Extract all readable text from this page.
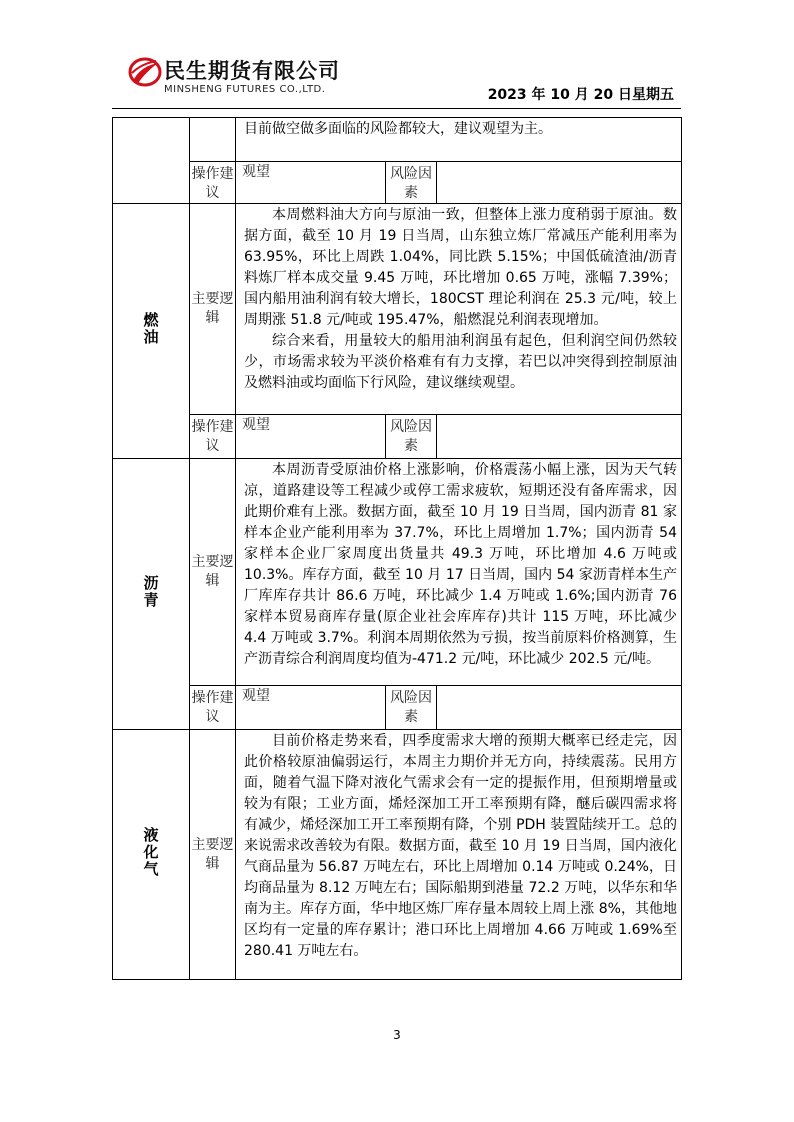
民生期货有限公司
MINSHENG FUTURES CO.,LTD.	2023 年 10 月 20 日星期五

		目前做空做多面临的风险都较大，建议观望为主。		

	操作建议	观望	风险因素	
燃油	主要逻辑	本周燃料油大方向与原油一致，但整体上涨力度稍弱于原油。数据方面，截至 10 月 19 日当周，山东独立炼厂常减压产能利用率为 63.95%，环比上周跌 1.04%，同比跌 5.15%；中国低硫渣油/沥青料炼厂样本成交量 9.45 万吨，环比增加 0.65 万吨，涨幅 7.39%；国内船用油利润有较大增长，180CST 理论利润在 25.3 元/吨，较上周期涨 51.8 元/吨或 195.47%，船燃混兑利润表现增加。

综合来看，用量较大的船用油利润虽有起色，但利润空间仍然较少，市场需求较为平淡价格难有有力支撑，若巴以冲突得到控制原油及燃料油或均面临下行风险，建议继续观望。		

	操作建议	观望	风险因素	
沥青	主要逻辑	本周沥青受原油价格上涨影响，价格震荡小幅上涨，因为天气转凉，道路建设等工程减少或停工需求疲软，短期还没有备库需求，因此期价难有上涨。数据方面，截至 10 月 19 日当周，国内沥青 81 家样本企业产能利用率为 37.7%，环比上周增加 1.7%；国内沥青 54 家样本企业厂家周度出货量共 49.3 万吨，环比增加 4.6 万吨或 10.3%。库存方面，截至 10 月 17 日当周，国内 54 家沥青样本生产厂库库存共计 86.6 万吨，环比减少 1.4 万吨或 1.6%;国内沥青 76 家样本贸易商库存量(原企业社会库库存)共计 115 万吨，环比减少 4.4 万吨或 3.7%。利润本周期依然为亏损，按当前原料价格测算，生产沥青综合利润周度均值为-471.2 元/吨，环比减少 202.5 元/吨。		

	操作建议	观望	风险因素	
液化气	主要逻辑	目前价格走势来看，四季度需求大增的预期大概率已经走完，因此价格较原油偏弱运行，本周主力期价并无方向，持续震荡。民用方面，随着气温下降对液化气需求会有一定的提振作用，但预期增量或较为有限；工业方面，烯烃深加工开工率预期有降，醚后碳四需求将有减少，烯烃深加工开工率预期有降，个别 PDH 装置陆续开工。总的来说需求改善较为有限。数据方面，截至 10 月 19 日当周，国内液化气商品量为 56.87 万吨左右，环比上周增加 0.14 万吨或 0.24%，日均商品量为 8.12 万吨左右；国际船期到港量 72.2 万吨，以华东和华南为主。库存方面，华中地区炼厂库存量本周较上周上涨 8%，其他地区均有一定量的库存累计；港口环比上周增加 4.66 万吨或 1.69%至 280.41 万吨左右。		

3
